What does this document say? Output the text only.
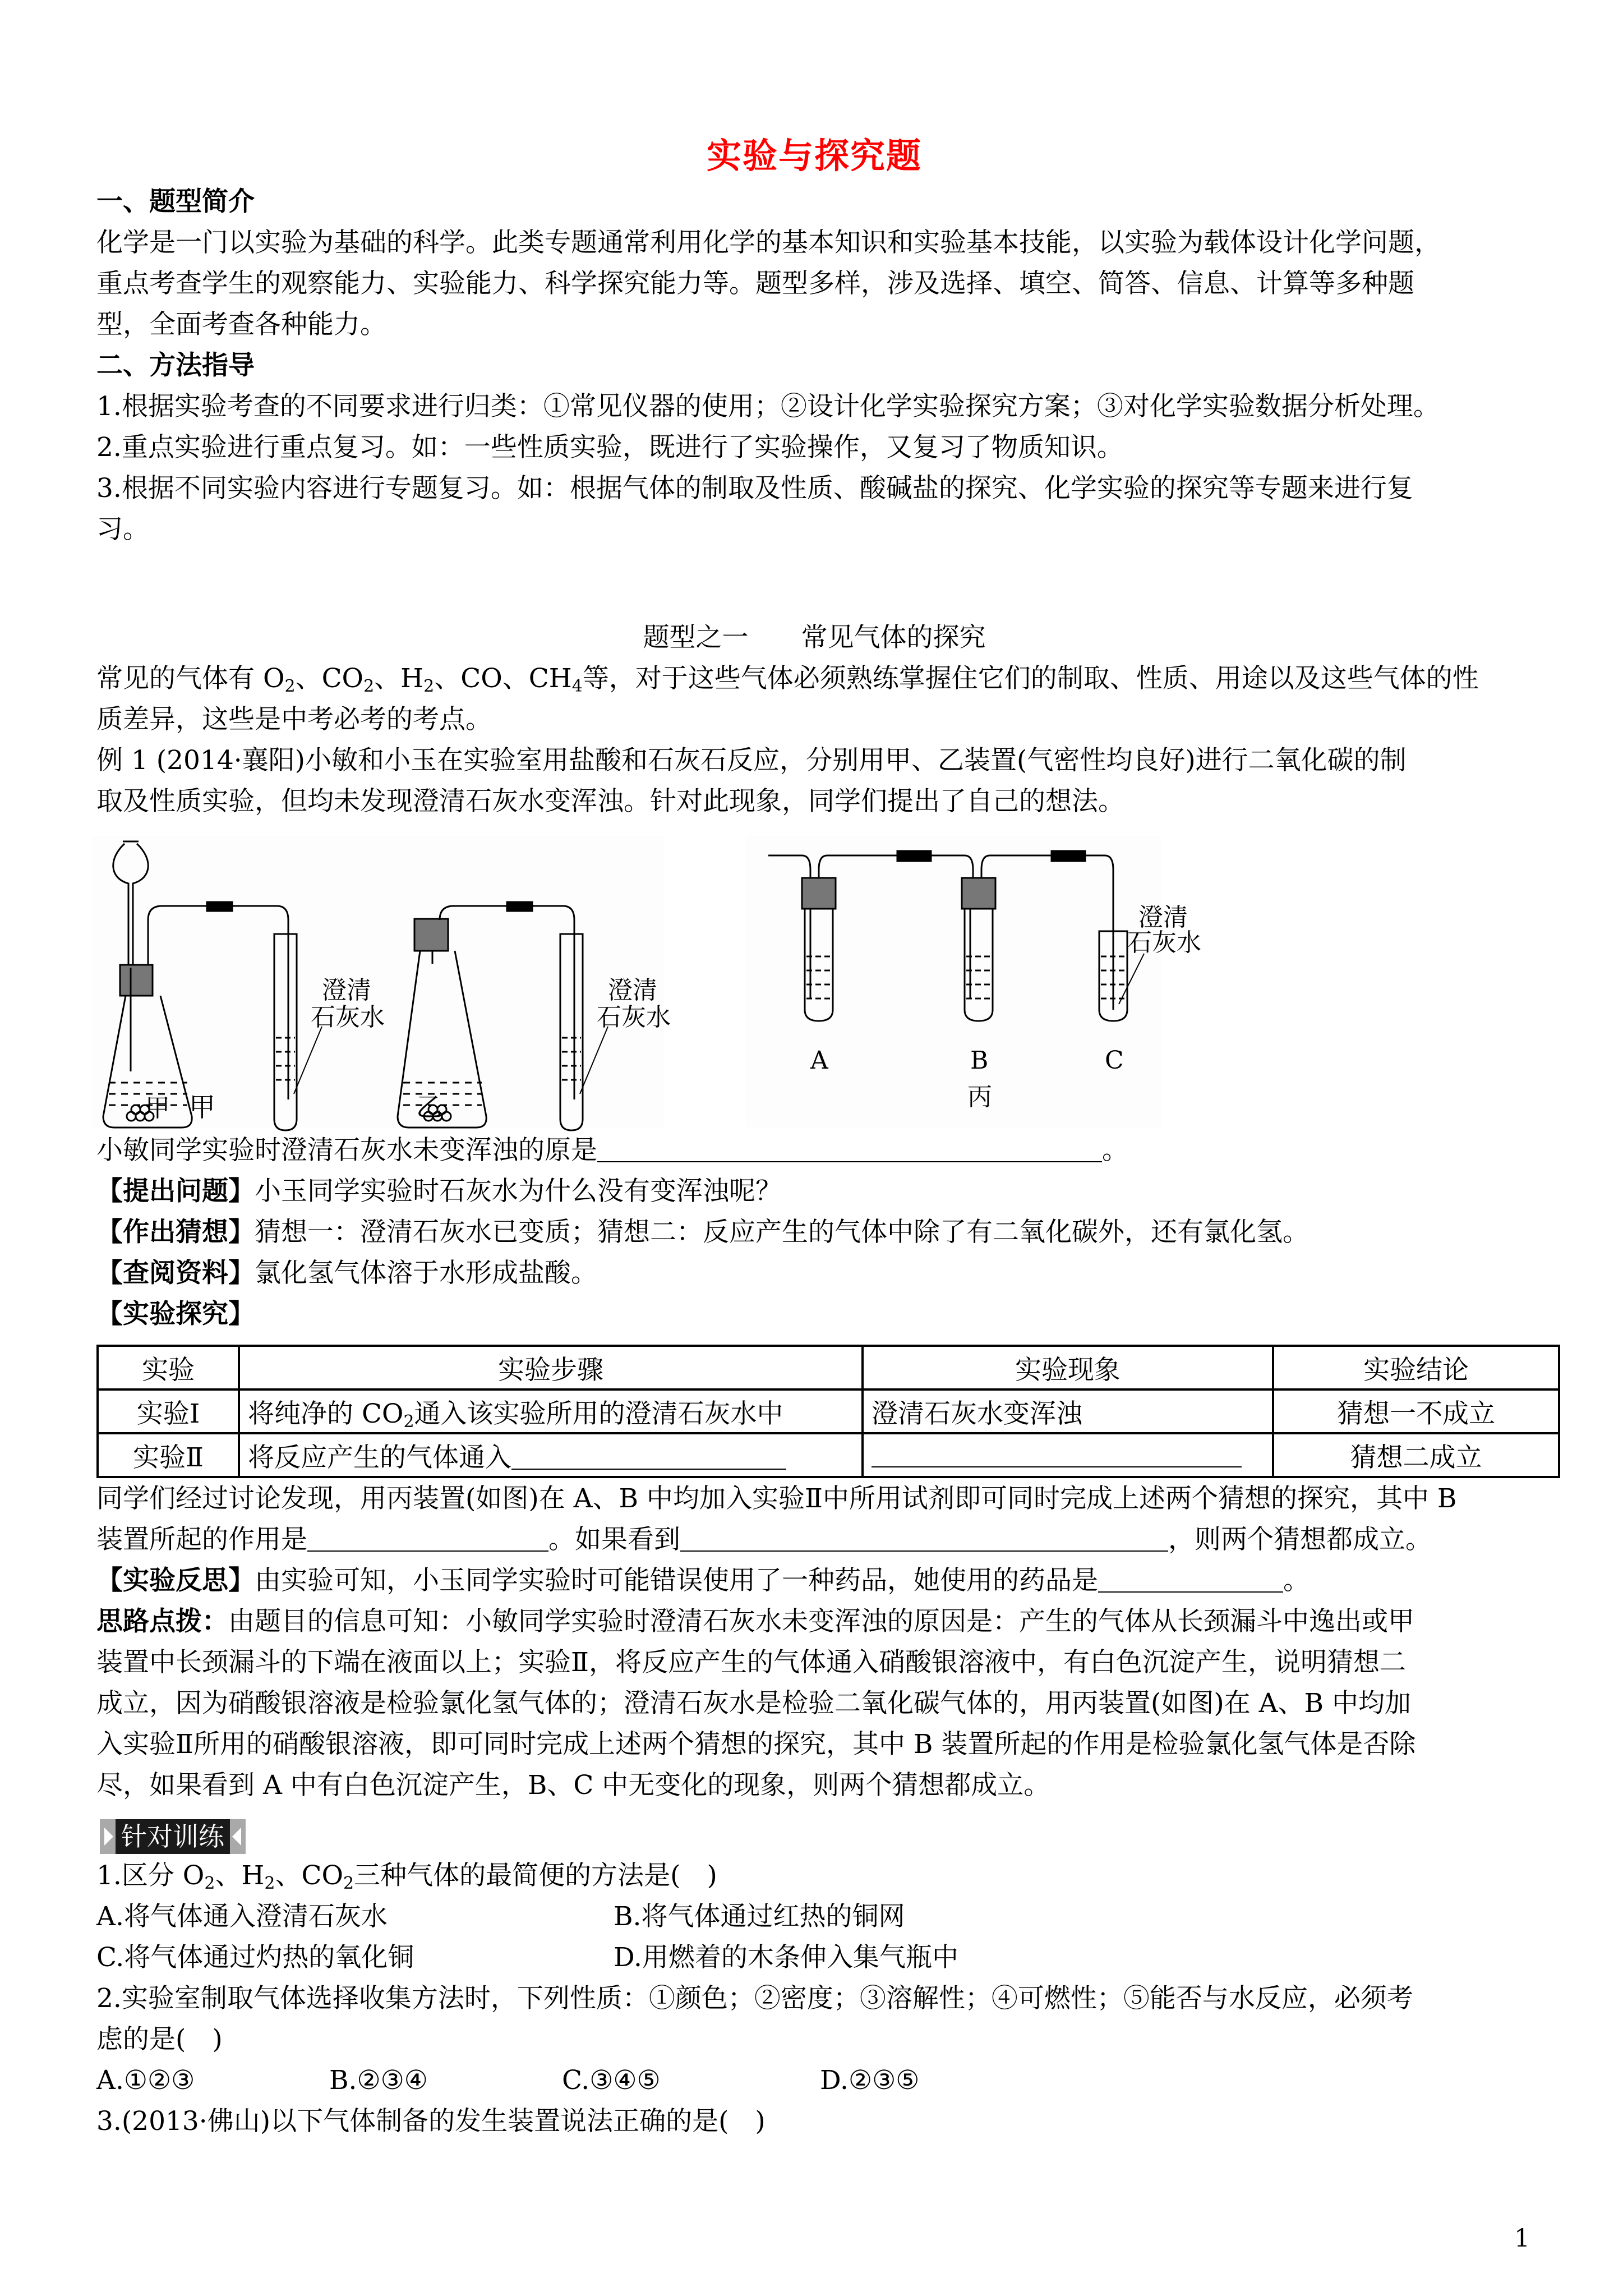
实验与探究题
一、题型简介
化学是一门以实验为基础的科学。此类专题通常利用化学的基本知识和实验基本技能，以实验为载体设计化学问题，
重点考查学生的观察能力、实验能力、科学探究能力等。题型多样，涉及选择、填空、简答、信息、计算等多种题
型，全面考查各种能力。
二、方法指导
1.根据实验考查的不同要求进行归类：①常见仪器的使用；②设计化学实验探究方案；③对化学实验数据分析处理。
2.重点实验进行重点复习。如：一些性质实验，既进行了实验操作，又复习了物质知识。
3.根据不同实验内容进行专题复习。如：根据气体的制取及性质、酸碱盐的探究、化学实验的探究等专题来进行复
习。
题型之一　　常见气体的探究
常见的气体有 $O_2$、$CO_2$、$H_2$、CO、$CH_4$等，对于这些气体必须熟练掌握住它们的制取、性质、用途以及这些气体的性
质差异，这些是中考必考的考点。
例 1 (2014·襄阳)小敏和小玉在实验室用盐酸和石灰石反应，分别用甲、乙装置(气密性均良好)进行二氧化碳的制
取及性质实验，但均未发现澄清石灰水变浑浊。针对此现象，同学们提出了自己的想法。
澄清
石灰水
甲
澄清
石灰水
甲	乙
澄清
石灰水
A	B	C
丙
小敏同学实验时澄清石灰水未变浑浊的原是	。
【提出问题】小玉同学实验时石灰水为什么没有变浑浊呢？
【作出猜想】猜想一：澄清石灰水已变质；猜想二：反应产生的气体中除了有二氧化碳外，还有氯化氢。
【查阅资料】氯化氢气体溶于水形成盐酸。
【实验探究】
实验	实验步骤	实验现象	实验结论
实验Ⅰ	将纯净的 $CO_2$通入该实验所用的澄清石灰水中	澄清石灰水变浑浊	猜想一不成立
实验Ⅱ	将反应产生的气体通入		猜想二成立
同学们经过讨论发现，用丙装置(如图)在 A、B 中均加入实验Ⅱ中所用试剂即可同时完成上述两个猜想的探究，其中 B
装置所起的作用是	。如果看到	，则两个猜想都成立。
【实验反思】由实验可知，小玉同学实验时可能错误使用了一种药品，她使用的药品是	。
思路点拨：由题目的信息可知：小敏同学实验时澄清石灰水未变浑浊的原因是：产生的气体从长颈漏斗中逸出或甲
装置中长颈漏斗的下端在液面以上；实验Ⅱ，将反应产生的气体通入硝酸银溶液中，有白色沉淀产生，说明猜想二
成立，因为硝酸银溶液是检验氯化氢气体的；澄清石灰水是检验二氧化碳气体的，用丙装置(如图)在 A、B 中均加
入实验Ⅱ所用的硝酸银溶液，即可同时完成上述两个猜想的探究，其中 B 装置所起的作用是检验氯化氢气体是否除
尽，如果看到 A 中有白色沉淀产生，B、C 中无变化的现象，则两个猜想都成立。
针对训练
1.区分 $O_2$、$H_2$、$CO_2$三种气体的最简便的方法是(　)
A.将气体通入澄清石灰水	B.将气体通过红热的铜网
C.将气体通过灼热的氧化铜	D.用燃着的木条伸入集气瓶中
2.实验室制取气体选择收集方法时，下列性质：①颜色；②密度；③溶解性；④可燃性；⑤能否与水反应，必须考
虑的是(　)
A.①②③	B.②③④	C.③④⑤	D.②③⑤
3.(2013·佛山)以下气体制备的发生装置说法正确的是(　)
1
